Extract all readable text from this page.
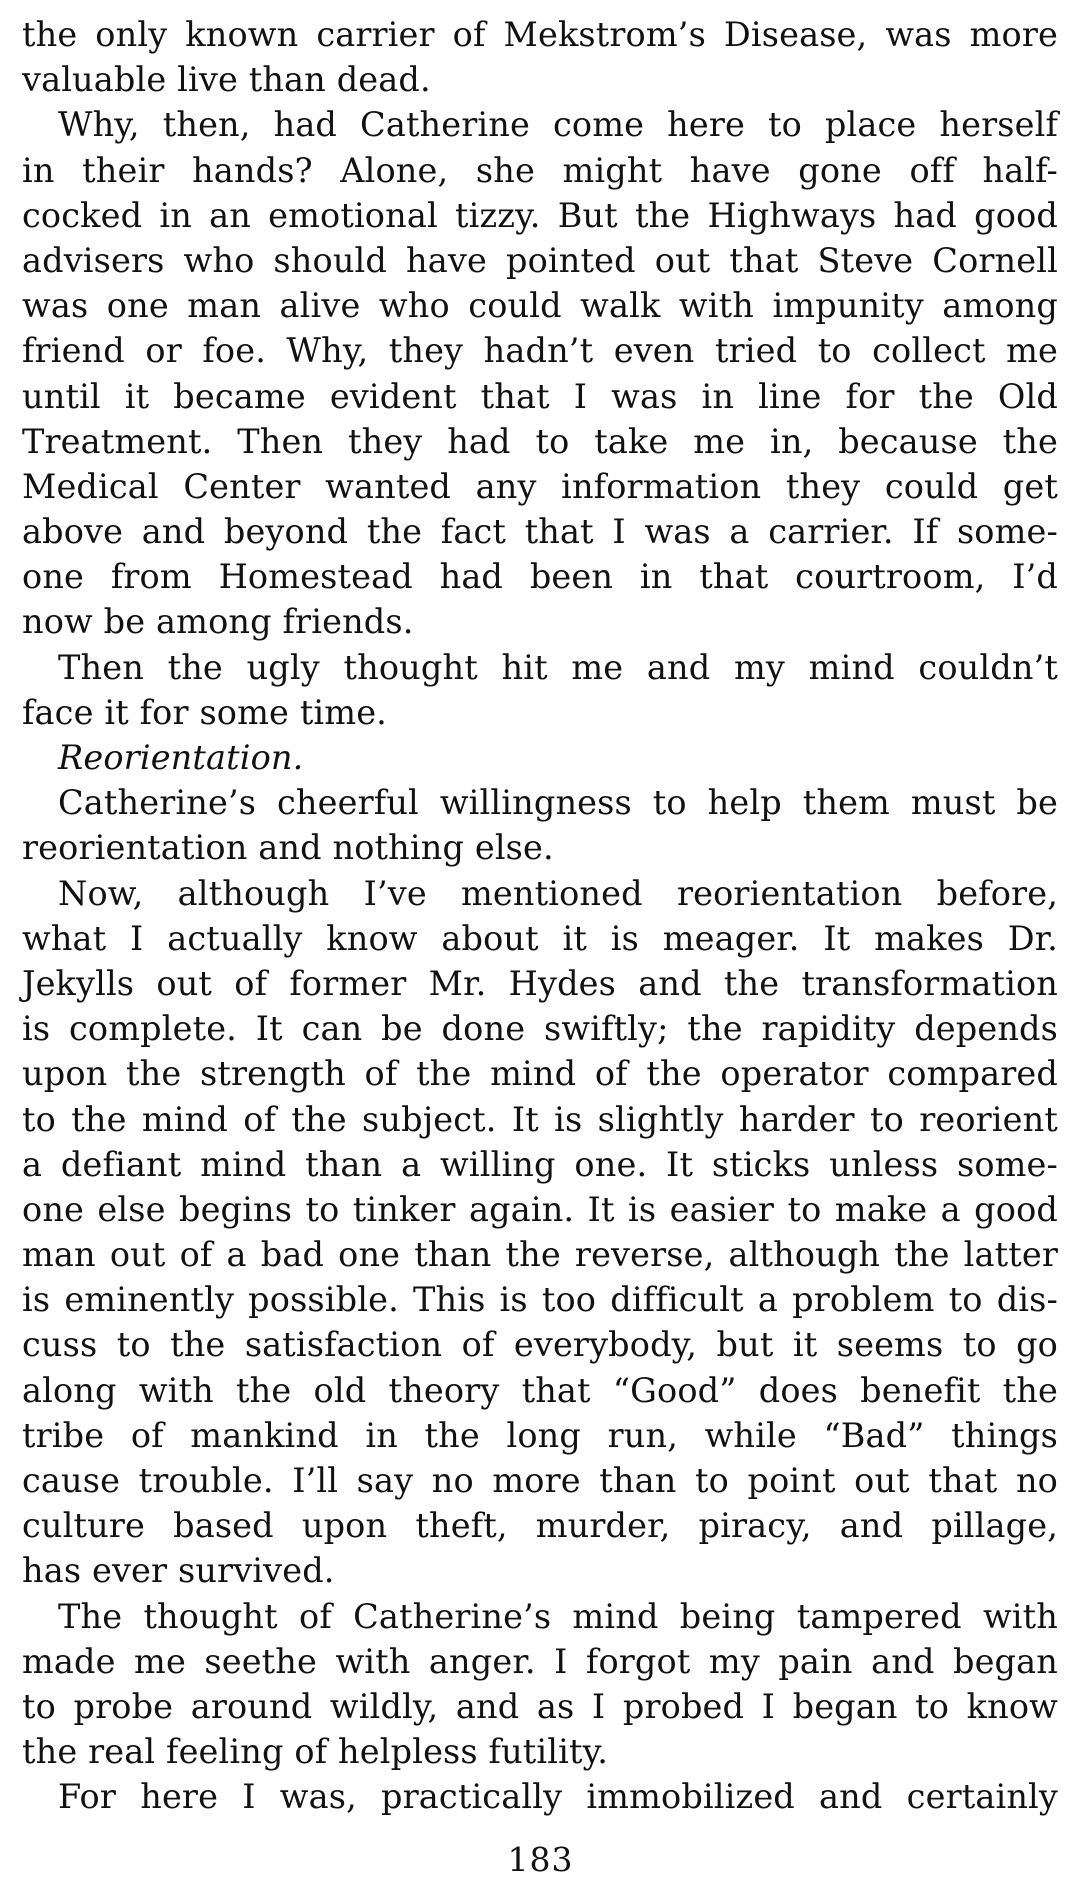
the only known carrier of Mekstrom’s Disease, was more
valuable live than dead.
Why, then, had Catherine come here to place herself
in their hands? Alone, she might have gone off half-
cocked in an emotional tizzy. But the Highways had good
advisers who should have pointed out that Steve Cornell
was one man alive who could walk with impunity among
friend or foe. Why, they hadn’t even tried to collect me
until it became evident that I was in line for the Old
Treatment. Then they had to take me in, because the
Medical Center wanted any information they could get
above and beyond the fact that I was a carrier. If some-
one from Homestead had been in that courtroom, I’d
now be among friends.
Then the ugly thought hit me and my mind couldn’t
face it for some time.
Reorientation.
Catherine’s cheerful willingness to help them must be
reorientation and nothing else.
Now, although I’ve mentioned reorientation before,
what I actually know about it is meager. It makes Dr.
Jekylls out of former Mr. Hydes and the transformation
is complete. It can be done swiftly; the rapidity depends
upon the strength of the mind of the operator compared
to the mind of the subject. It is slightly harder to reorient
a defiant mind than a willing one. It sticks unless some-
one else begins to tinker again. It is easier to make a good
man out of a bad one than the reverse, although the latter
is eminently possible. This is too difficult a problem to dis-
cuss to the satisfaction of everybody, but it seems to go
along with the old theory that “Good” does benefit the
tribe of mankind in the long run, while “Bad” things
cause trouble. I’ll say no more than to point out that no
culture based upon theft, murder, piracy, and pillage,
has ever survived.
The thought of Catherine’s mind being tampered with
made me seethe with anger. I forgot my pain and began
to probe around wildly, and as I probed I began to know
the real feeling of helpless futility.
For here I was, practically immobilized and certainly
183
